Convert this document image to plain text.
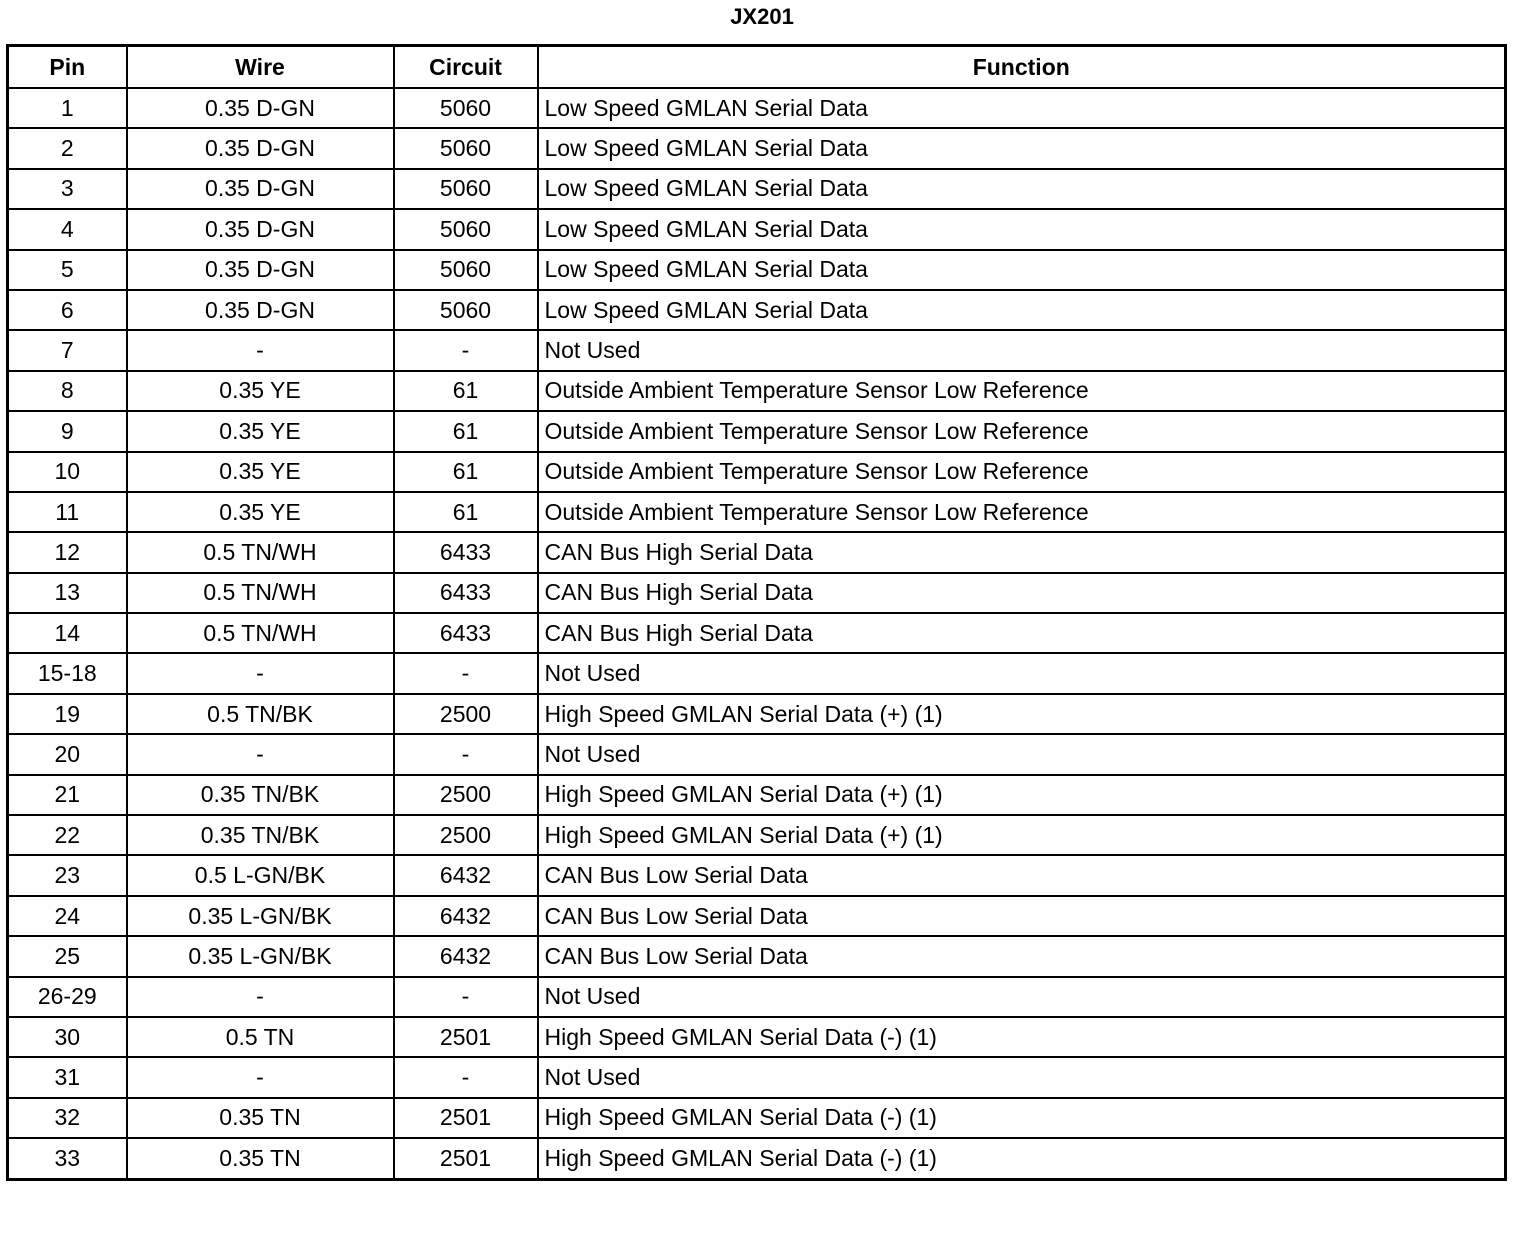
JX201
Pin	Wire	Circuit	Function
1	0.35 D-GN	5060	Low Speed GMLAN Serial Data
2	0.35 D-GN	5060	Low Speed GMLAN Serial Data
3	0.35 D-GN	5060	Low Speed GMLAN Serial Data
4	0.35 D-GN	5060	Low Speed GMLAN Serial Data
5	0.35 D-GN	5060	Low Speed GMLAN Serial Data
6	0.35 D-GN	5060	Low Speed GMLAN Serial Data
7	-	-	Not Used
8	0.35 YE	61	Outside Ambient Temperature Sensor Low Reference
9	0.35 YE	61	Outside Ambient Temperature Sensor Low Reference
10	0.35 YE	61	Outside Ambient Temperature Sensor Low Reference
11	0.35 YE	61	Outside Ambient Temperature Sensor Low Reference
12	0.5 TN/WH	6433	CAN Bus High Serial Data
13	0.5 TN/WH	6433	CAN Bus High Serial Data
14	0.5 TN/WH	6433	CAN Bus High Serial Data
15-18	-	-	Not Used
19	0.5 TN/BK	2500	High Speed GMLAN Serial Data (+) (1)
20	-	-	Not Used
21	0.35 TN/BK	2500	High Speed GMLAN Serial Data (+) (1)
22	0.35 TN/BK	2500	High Speed GMLAN Serial Data (+) (1)
23	0.5 L-GN/BK	6432	CAN Bus Low Serial Data
24	0.35 L-GN/BK	6432	CAN Bus Low Serial Data
25	0.35 L-GN/BK	6432	CAN Bus Low Serial Data
26-29	-	-	Not Used
30	0.5 TN	2501	High Speed GMLAN Serial Data (-) (1)
31	-	-	Not Used
32	0.35 TN	2501	High Speed GMLAN Serial Data (-) (1)
33	0.35 TN	2501	High Speed GMLAN Serial Data (-) (1)
